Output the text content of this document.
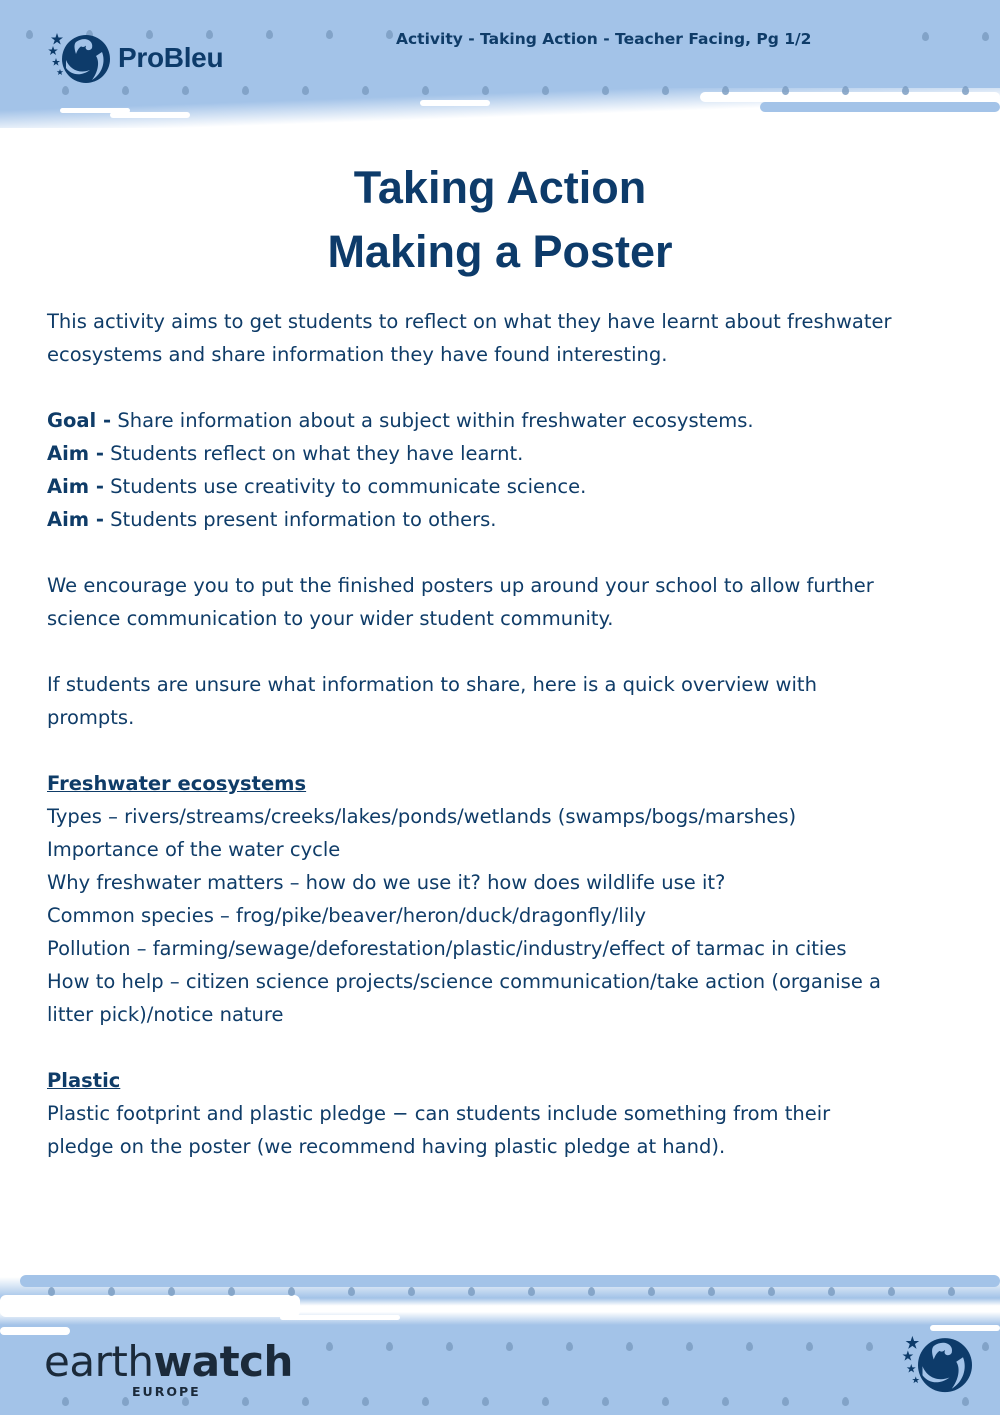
ProBleu
Activity - Taking Action - Teacher Facing, Pg 1/2
Taking Action
Making a Poster

This activity aims to get students to reflect on what they have learnt about freshwater

ecosystems and share information they have found interesting.

Goal - Share information about a subject within freshwater ecosystems.

Aim - Students reflect on what they have learnt.

Aim - Students use creativity to communicate science.

Aim - Students present information to others.

We encourage you to put the finished posters up around your school to allow further

science communication to your wider student community.

If students are unsure what information to share, here is a quick overview with

prompts.

Freshwater ecosystems

Types – rivers/streams/creeks/lakes/ponds/wetlands (swamps/bogs/marshes)

Importance of the water cycle

Why freshwater matters – how do we use it? how does wildlife use it?

Common species – frog/pike/beaver/heron/duck/dragonfly/lily

Pollution – farming/sewage/deforestation/plastic/industry/effect of tarmac in cities

How to help – citizen science projects/science communication/take action (organise a

litter pick)/notice nature

Plastic

Plastic footprint and plastic pledge − can students include something from their

pledge on the poster (we recommend having plastic pledge at hand).

earthwatch
EUROPE
